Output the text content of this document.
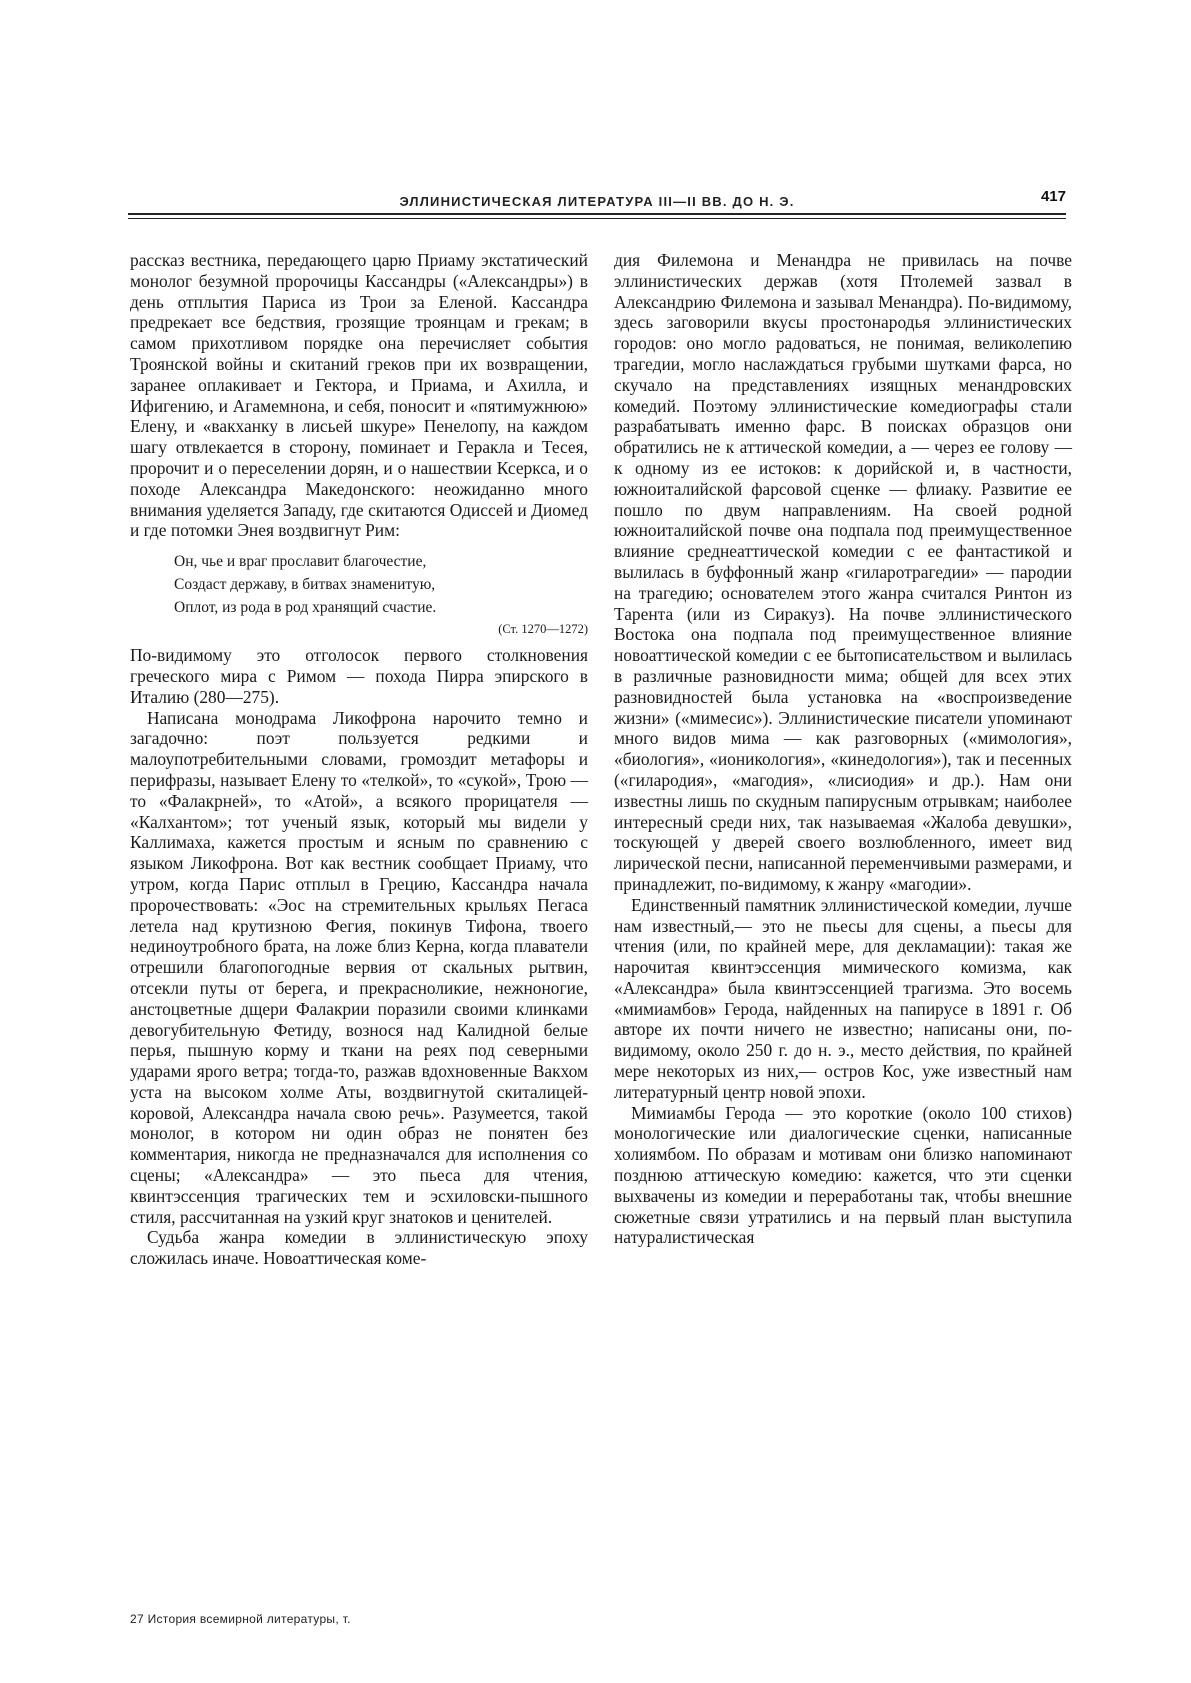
ЭЛЛИНИСТИЧЕСКАЯ ЛИТЕРАТУРА III—II ВВ. ДО Н. Э.	417

рассказ вестника, передающего царю Приаму экстатический монолог безумной пророчицы Кассандры («Александры») в день отплытия Париса из Трои за Еленой. Кассандра предрекает все бедствия, грозящие троянцам и грекам; в самом прихотливом порядке она перечисляет события Троянской войны и скитаний греков при их возвращении, заранее оплакивает и Гектора, и Приама, и Ахилла, и Ифигению, и Агамемнона, и себя, поносит и «пятимужнюю» Елену, и «вакханку в лисьей шкуре» Пенелопу, на каждом шагу отвлекается в сторону, поминает и Геракла и Тесея, пророчит и о переселении дорян, и о нашествии Ксеркса, и о походе Александра Македонского: неожиданно много внимания уделяется Западу, где скитаются Одиссей и Диомед и где потомки Энея воздвигнут Рим:

Он, чье и враг прославит благочестие,
Создаст державу, в битвах знаменитую,
Оплот, из рода в род хранящий счастие.
(Ст. 1270—1272)

По-видимому это отголосок первого столкновения греческого мира с Римом — похода Пирра эпирского в Италию (280—275).

Написана монодрама Ликофрона нарочито темно и загадочно: поэт пользуется редкими и малоупотребительными словами, громоздит метафоры и перифразы, называет Елену то «телкой», то «сукой», Трою — то «Фалакрней», то «Атой», а всякого прорицателя — «Калхантом»; тот ученый язык, который мы видели у Каллимаха, кажется простым и ясным по сравнению с языком Ликофрона. Вот как вестник сообщает Приаму, что утром, когда Парис отплыл в Грецию, Кассандра начала пророчествовать: «Эос на стремительных крыльях Пегаса летела над крутизною Фегия, покинув Тифона, твоего нединоутробного брата, на ложе близ Керна, когда плаватели отрешили благопогодные вервия от скальных рытвин, отсекли путы от берега, и прекрасноликие, нежноногие, анстоцветные дщери Фалакрии поразили своими клинками девогубительную Фетиду, вознося над Калидной белые перья, пышную корму и ткани на реях под северными ударами ярого ветра; тогда-то, разжав вдохновенные Вакхом уста на высоком холме Аты, воздвигнутой скиталицей-коровой, Александра начала свою речь». Разумеется, такой монолог, в котором ни один образ не понятен без комментария, никогда не предназначался для исполнения со сцены; «Александра» — это пьеса для чтения, квинтэссенция трагических тем и эсхиловски-пышного стиля, рассчитанная на узкий круг знатоков и ценителей.

Судьба жанра комедии в эллинистическую эпоху сложилась иначе. Новоаттическая коме-

дия Филемона и Менандра не привилась на почве эллинистических держав (хотя Птолемей зазвал в Александрию Филемона и зазывал Менандра). По-видимому, здесь заговорили вкусы простонародья эллинистических городов: оно могло радоваться, не понимая, великолепию трагедии, могло наслаждаться грубыми шутками фарса, но скучало на представлениях изящных менандровских комедий. Поэтому эллинистические комедиографы стали разрабатывать именно фарс. В поисках образцов они обратились не к аттической комедии, а — через ее голову — к одному из ее истоков: к дорийской и, в частности, южноиталийской фарсовой сценке — флиаку. Развитие ее пошло по двум направлениям. На своей родной южноиталийской почве она подпала под преимущественное влияние среднеаттической комедии с ее фантастикой и вылилась в буффонный жанр «гиларотрагедии» — пародии на трагедию; основателем этого жанра считался Ринтон из Тарента (или из Сиракуз). На почве эллинистического Востока она подпала под преимущественное влияние новоаттической комедии с ее бытописательством и вылилась в различные разновидности мима; общей для всех этих разновидностей была установка на «воспроизведение жизни» («мимесис»). Эллинистические писатели упоминают много видов мима — как разговорных («мимология», «биология», «ионикология», «кинедология»), так и песенных («гилародия», «магодия», «лисиодия» и др.). Нам они известны лишь по скудным папирусным отрывкам; наиболее интересный среди них, так называемая «Жалоба девушки», тоскующей у дверей своего возлюбленного, имеет вид лирической песни, написанной переменчивыми размерами, и принадлежит, по-видимому, к жанру «магодии».

Единственный памятник эллинистической комедии, лучше нам известный,— это не пьесы для сцены, а пьесы для чтения (или, по крайней мере, для декламации): такая же нарочитая квинтэссенция мимического комизма, как «Александра» была квинтэссенцией трагизма. Это восемь «мимиамбов» Герода, найденных на папирусе в 1891 г. Об авторе их почти ничего не известно; написаны они, по-видимому, около 250 г. до н. э., место действия, по крайней мере некоторых из них,— остров Кос, уже известный нам литературный центр новой эпохи.

Мимиамбы Герода — это короткие (около 100 стихов) монологические или диалогические сценки, написанные холиямбом. По образам и мотивам они близко напоминают позднюю аттическую комедию: кажется, что эти сценки выхвачены из комедии и переработаны так, чтобы внешние сюжетные связи утратились и на первый план выступила натуралистическая

27 История всемирной литературы, т.
